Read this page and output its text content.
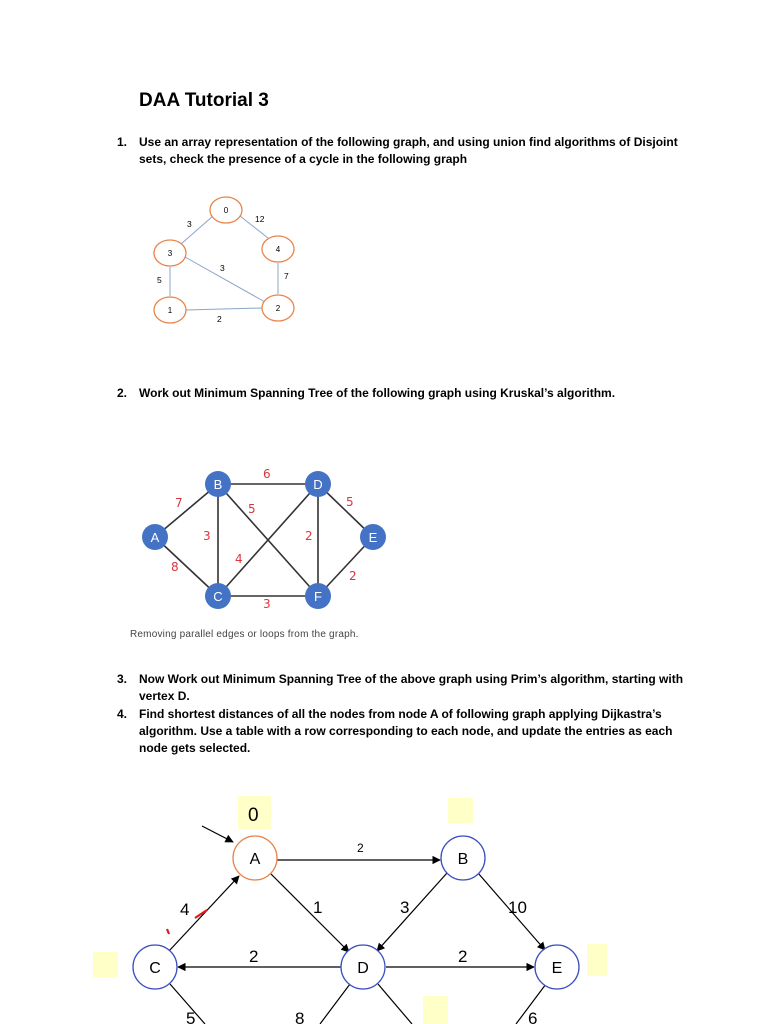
DAA Tutorial 3
1. Use an array representation of the following graph, and using union find algorithms of Disjoint sets, check the presence of a cycle in the following graph
2. Work out Minimum Spanning Tree of the following graph using Kruskal’s algorithm.
3. Now Work out Minimum Spanning Tree of the above graph using Prim’s algorithm, starting with vertex D.
4. Find shortest distances of all the nodes from node A of following graph applying Dijkastra’s algorithm. Use a table with a row corresponding to each node, and update the entries as each node gets selected.
Removing parallel edges or loops from the graph.
3	12
3
5	7
2
0
3	4
1	2
7
8
6
5
3
4
2
5
2
3
A
B
C
D
E
F
0
2
1	3	10
4
2	2
5	8	6
A	B
C	D	E
